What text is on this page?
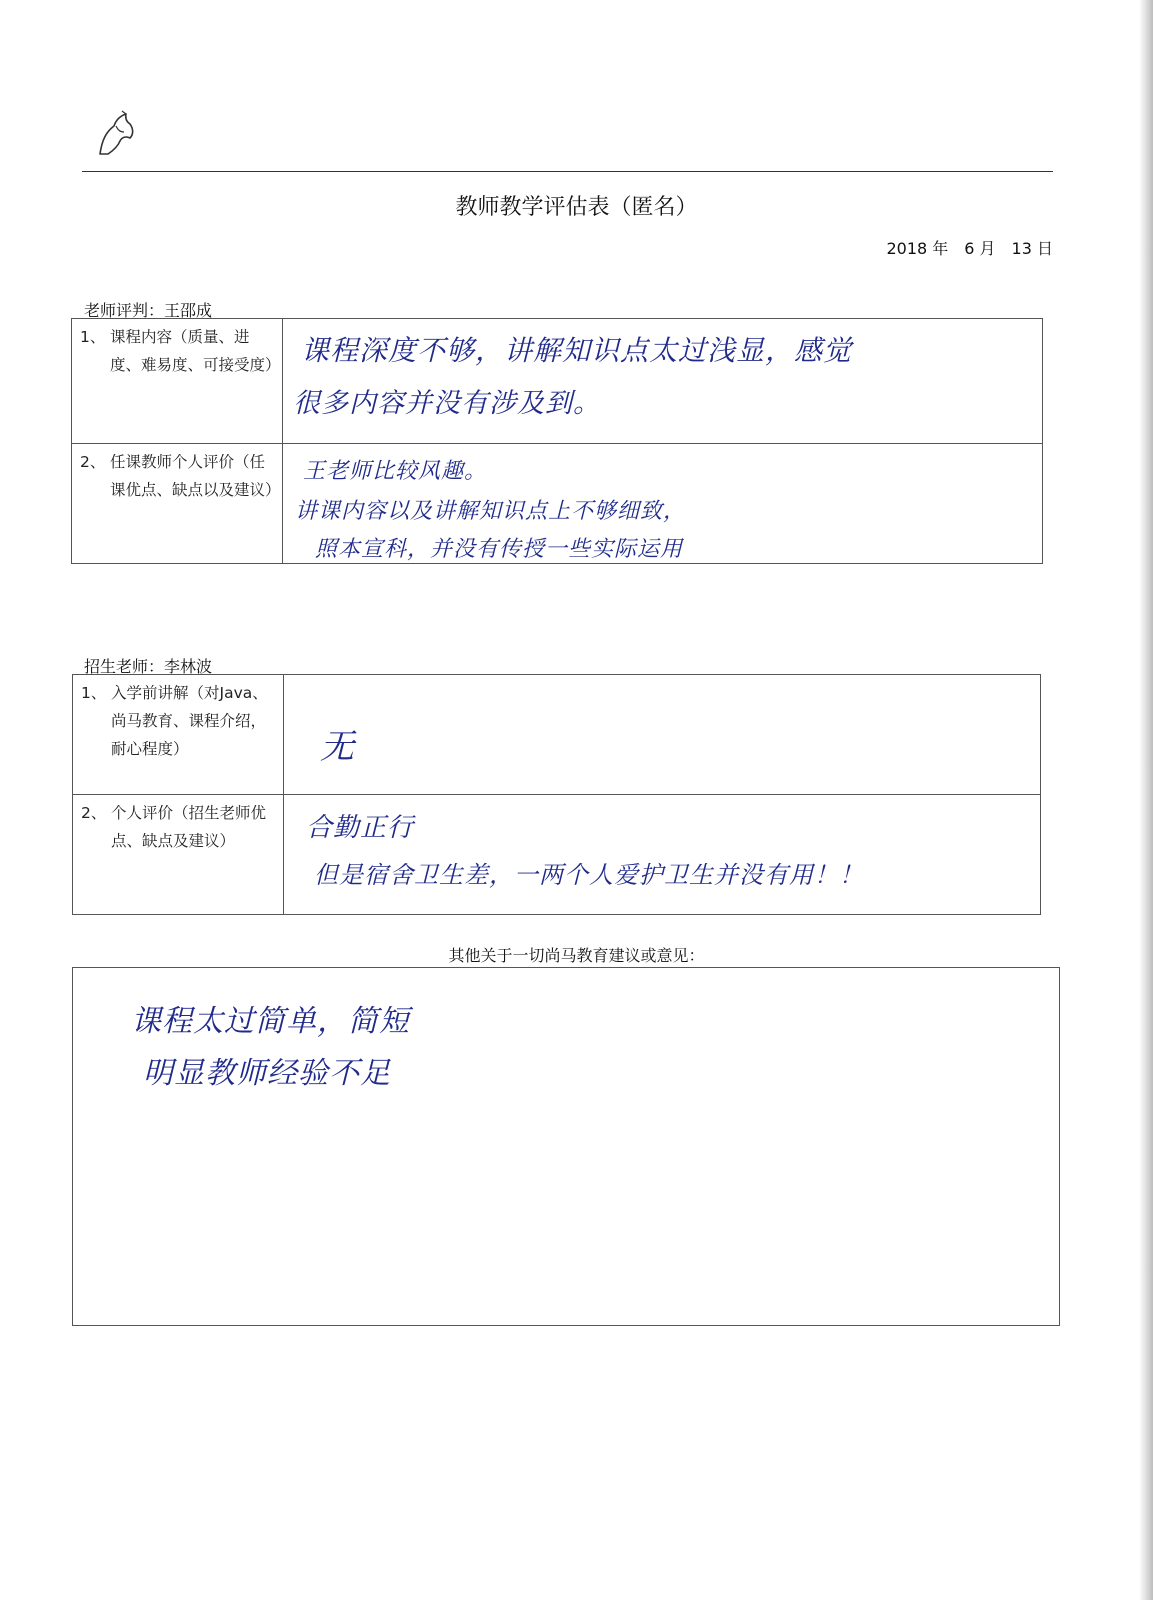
教师教学评估表（匿名）
2018 年　6 月　13 日
老师评判：王邵成
1、 课程内容（质量、进度、难易度、可接受度）	课程深度不够，讲解知识点太过浅显，感觉
很多内容并没有涉及到。

2、 任课教师个人评价（任课优点、缺点以及建议）	王老师比较风趣。
讲课内容以及讲解知识点上不够细致，
照本宣科，并没有传授一些实际运用
招生老师：李林波
1、 入学前讲解（对Java、尚马教育、课程介绍，耐心程度）	无

2、 个人评价（招生老师优点、缺点及建议）	合勤正行
但是宿舍卫生差，一两个人爱护卫生并没有用！！
其他关于一切尚马教育建议或意见：
课程太过简单，简短
明显教师经验不足
